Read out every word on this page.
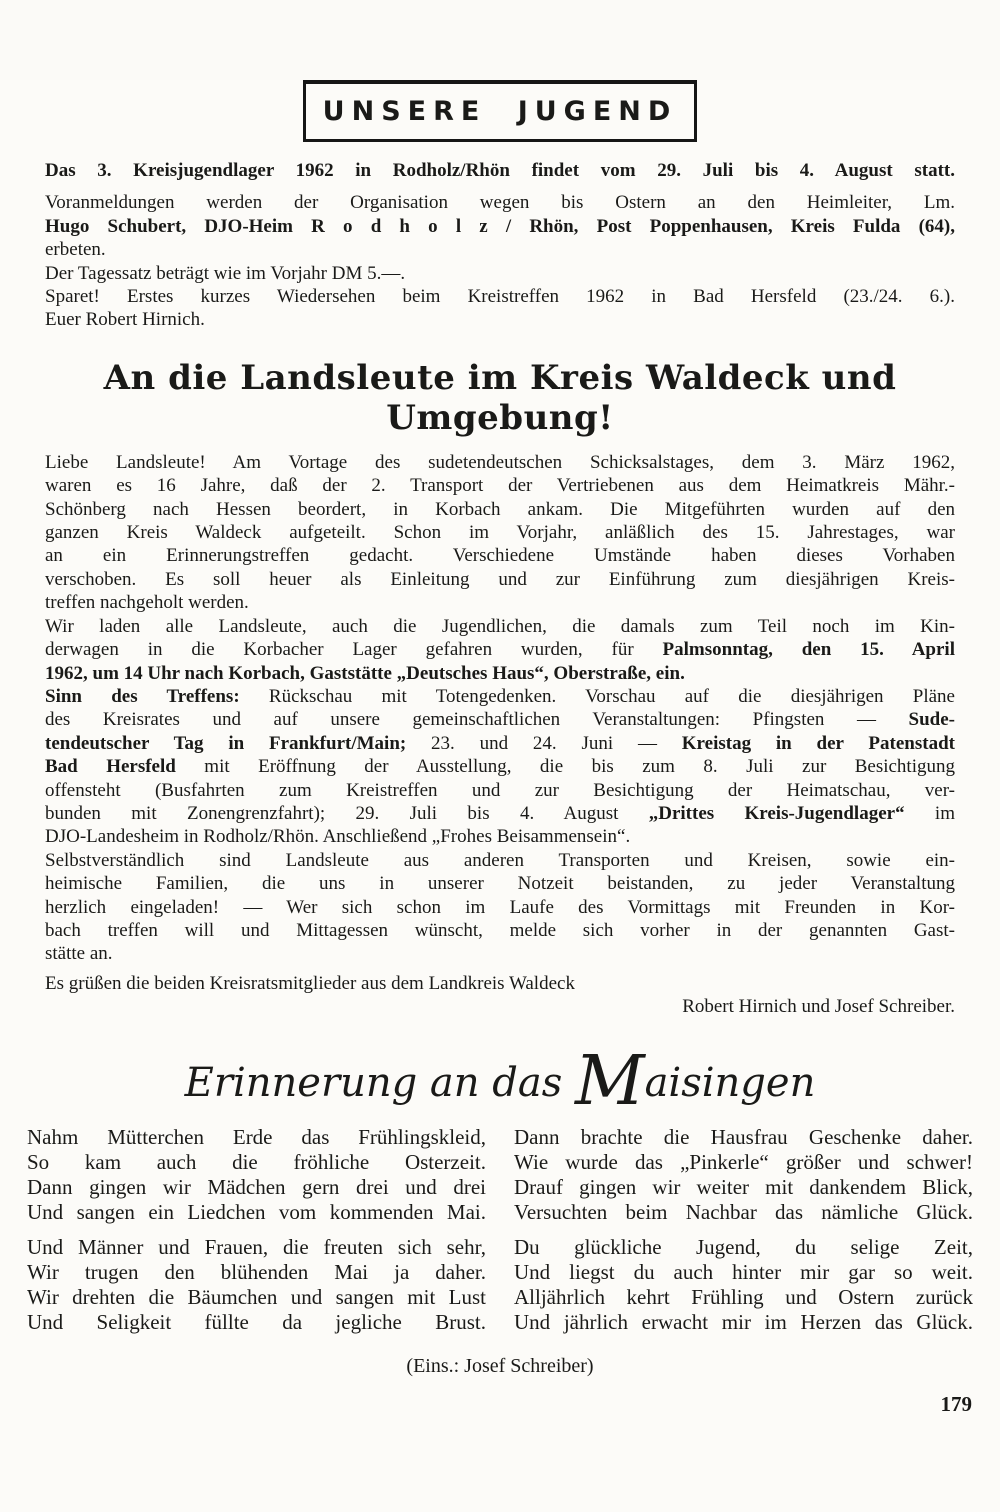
UNSERE JUGEND
Das 3. Kreisjugendlager 1962 in Rodholz/Rhön findet vom 29. Juli bis 4. August statt.
Voranmeldungen werden der Organisation wegen bis Ostern an den Heimleiter, Lm.
Hugo Schubert, DJO-Heim R o d h o l z / Rhön, Post Poppenhausen, Kreis Fulda (64),
erbeten.
Der Tagessatz beträgt wie im Vorjahr DM 5.—.
Sparet! Erstes kurzes Wiedersehen beim Kreistreffen 1962 in Bad Hersfeld (23./24. 6.).
Euer Robert Hirnich.
An die Landsleute im Kreis Waldeck und Umgebung!
Liebe Landsleute! Am Vortage des sudetendeutschen Schicksalstages, dem 3. März 1962,
waren es 16 Jahre, daß der 2. Transport der Vertriebenen aus dem Heimatkreis Mähr.-
Schönberg nach Hessen beordert, in Korbach ankam. Die Mitgeführten wurden auf den
ganzen Kreis Waldeck aufgeteilt. Schon im Vorjahr, anläßlich des 15. Jahrestages, war
an ein Erinnerungstreffen gedacht. Verschiedene Umstände haben dieses Vorhaben
verschoben. Es soll heuer als Einleitung und zur Einführung zum diesjährigen Kreis-
treffen nachgeholt werden.
Wir laden alle Landsleute, auch die Jugendlichen, die damals zum Teil noch im Kin-
derwagen in die Korbacher Lager gefahren wurden, für Palmsonntag, den 15. April
1962, um 14 Uhr nach Korbach, Gaststätte „Deutsches Haus“, Oberstraße, ein.
Sinn des Treffens: Rückschau mit Totengedenken. Vorschau auf die diesjährigen Pläne
des Kreisrates und auf unsere gemeinschaftlichen Veranstaltungen: Pfingsten — Sude-
tendeutscher Tag in Frankfurt/Main; 23. und 24. Juni — Kreistag in der Patenstadt
Bad Hersfeld mit Eröffnung der Ausstellung, die bis zum 8. Juli zur Besichtigung
offensteht (Busfahrten zum Kreistreffen und zur Besichtigung der Heimatschau, ver-
bunden mit Zonengrenzfahrt); 29. Juli bis 4. August „Drittes Kreis-Jugendlager“ im
DJO-Landesheim in Rodholz/Rhön. Anschließend „Frohes Beisammensein“.
Selbstverständlich sind Landsleute aus anderen Transporten und Kreisen, sowie ein-
heimische Familien, die uns in unserer Notzeit beistanden, zu jeder Veranstaltung
herzlich eingeladen! — Wer sich schon im Laufe des Vormittags mit Freunden in Kor-
bach treffen will und Mittagessen wünscht, melde sich vorher in der genannten Gast-
stätte an.
Es grüßen die beiden Kreisratsmitglieder aus dem Landkreis Waldeck
Robert Hirnich und Josef Schreiber.
Erinnerung an das Maisingen
Nahm Mütterchen Erde das Frühlingskleid,
So kam auch die fröhliche Osterzeit.
Dann gingen wir Mädchen gern drei und drei
Und sangen ein Liedchen vom kommenden Mai.
Und Männer und Frauen, die freuten sich sehr,
Wir trugen den blühenden Mai ja daher.
Wir drehten die Bäumchen und sangen mit Lust
Und Seligkeit füllte da jegliche Brust.
Dann brachte die Hausfrau Geschenke daher.
Wie wurde das „Pinkerle“ größer und schwer!
Drauf gingen wir weiter mit dankendem Blick,
Versuchten beim Nachbar das nämliche Glück.
Du glückliche Jugend, du selige Zeit,
Und liegst du auch hinter mir gar so weit.
Alljährlich kehrt Frühling und Ostern zurück
Und jährlich erwacht mir im Herzen das Glück.
(Eins.: Josef Schreiber)
179
